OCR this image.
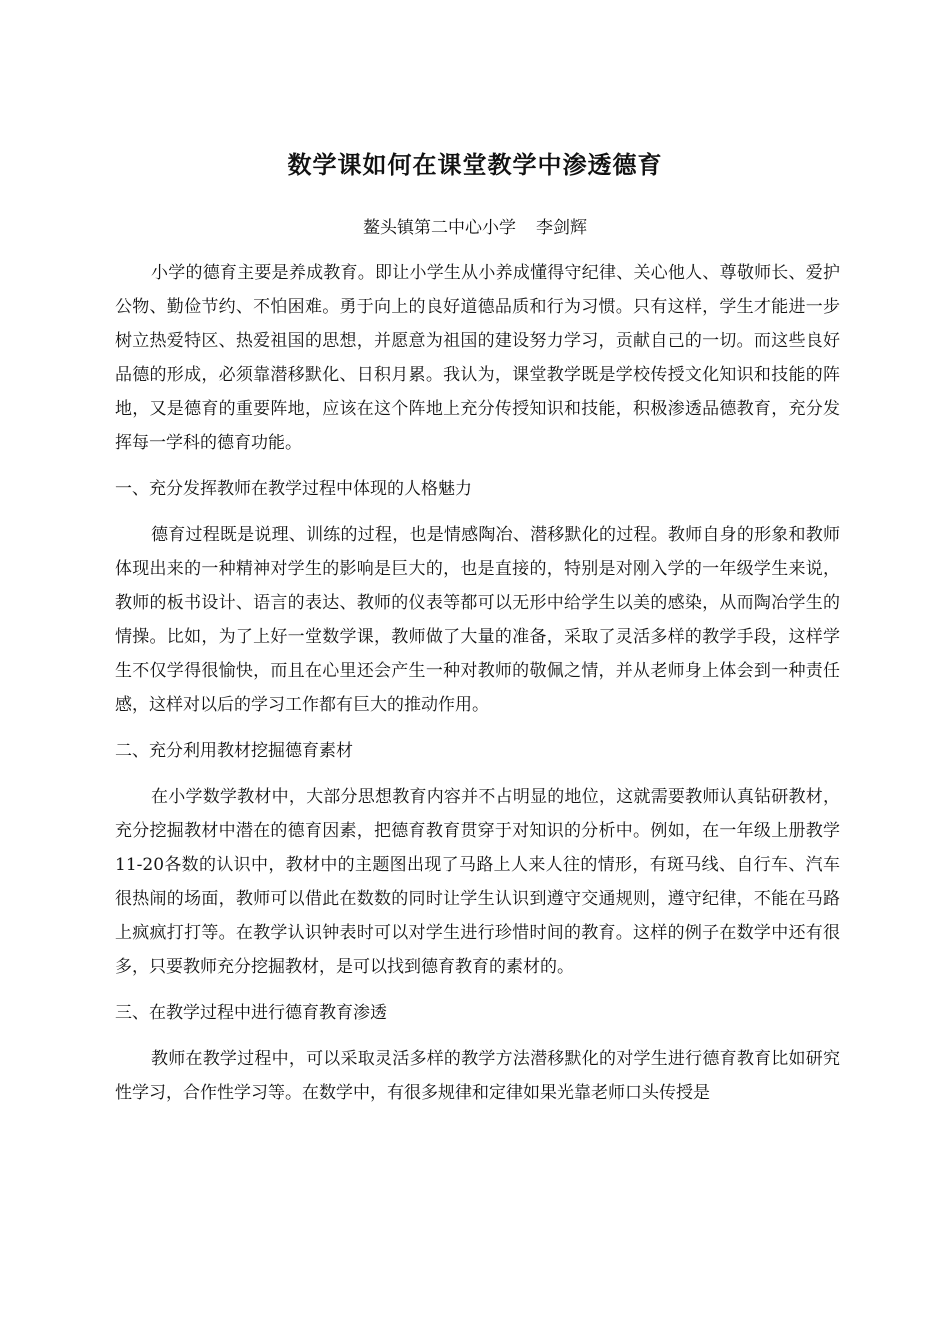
数学课如何在课堂教学中渗透德育
鳌头镇第二中心小学 李剑辉

小学的德育主要是养成教育。即让小学生从小养成懂得守纪律、关心他人、尊敬师长、爱护公物、勤俭节约、不怕困难。勇于向上的良好道德品质和行为习惯。只有这样，学生才能进一步树立热爱特区、热爱祖国的思想，并愿意为祖国的建设努力学习，贡献自己的一切。而这些良好品德的形成，必须靠潜移默化、日积月累。我认为，课堂教学既是学校传授文化知识和技能的阵地，又是德育的重要阵地，应该在这个阵地上充分传授知识和技能，积极渗透品德教育，充分发挥每一学科的德育功能。

一、充分发挥教师在教学过程中体现的人格魅力

德育过程既是说理、训练的过程，也是情感陶冶、潜移默化的过程。教师自身的形象和教师体现出来的一种精神对学生的影响是巨大的，也是直接的，特别是对刚入学的一年级学生来说，教师的板书设计、语言的表达、教师的仪表等都可以无形中给学生以美的感染，从而陶冶学生的情操。比如，为了上好一堂数学课，教师做了大量的准备，采取了灵活多样的教学手段，这样学生不仅学得很愉快，而且在心里还会产生一种对教师的敬佩之情，并从老师身上体会到一种责任感，这样对以后的学习工作都有巨大的推动作用。

二、充分利用教材挖掘德育素材

在小学数学教材中，大部分思想教育内容并不占明显的地位，这就需要教师认真钻研教材，充分挖掘教材中潜在的德育因素，把德育教育贯穿于对知识的分析中。例如，在一年级上册教学11-20各数的认识中，教材中的主题图出现了马路上人来人往的情形，有斑马线、自行车、汽车很热闹的场面，教师可以借此在数数的同时让学生认识到遵守交通规则，遵守纪律，不能在马路上疯疯打打等。在教学认识钟表时可以对学生进行珍惜时间的教育。这样的例子在数学中还有很多，只要教师充分挖掘教材，是可以找到德育教育的素材的。

三、在教学过程中进行德育教育渗透

教师在教学过程中，可以采取灵活多样的教学方法潜移默化的对学生进行德育教育比如研究性学习，合作性学习等。在数学中，有很多规律和定律如果光靠老师口头传授是
